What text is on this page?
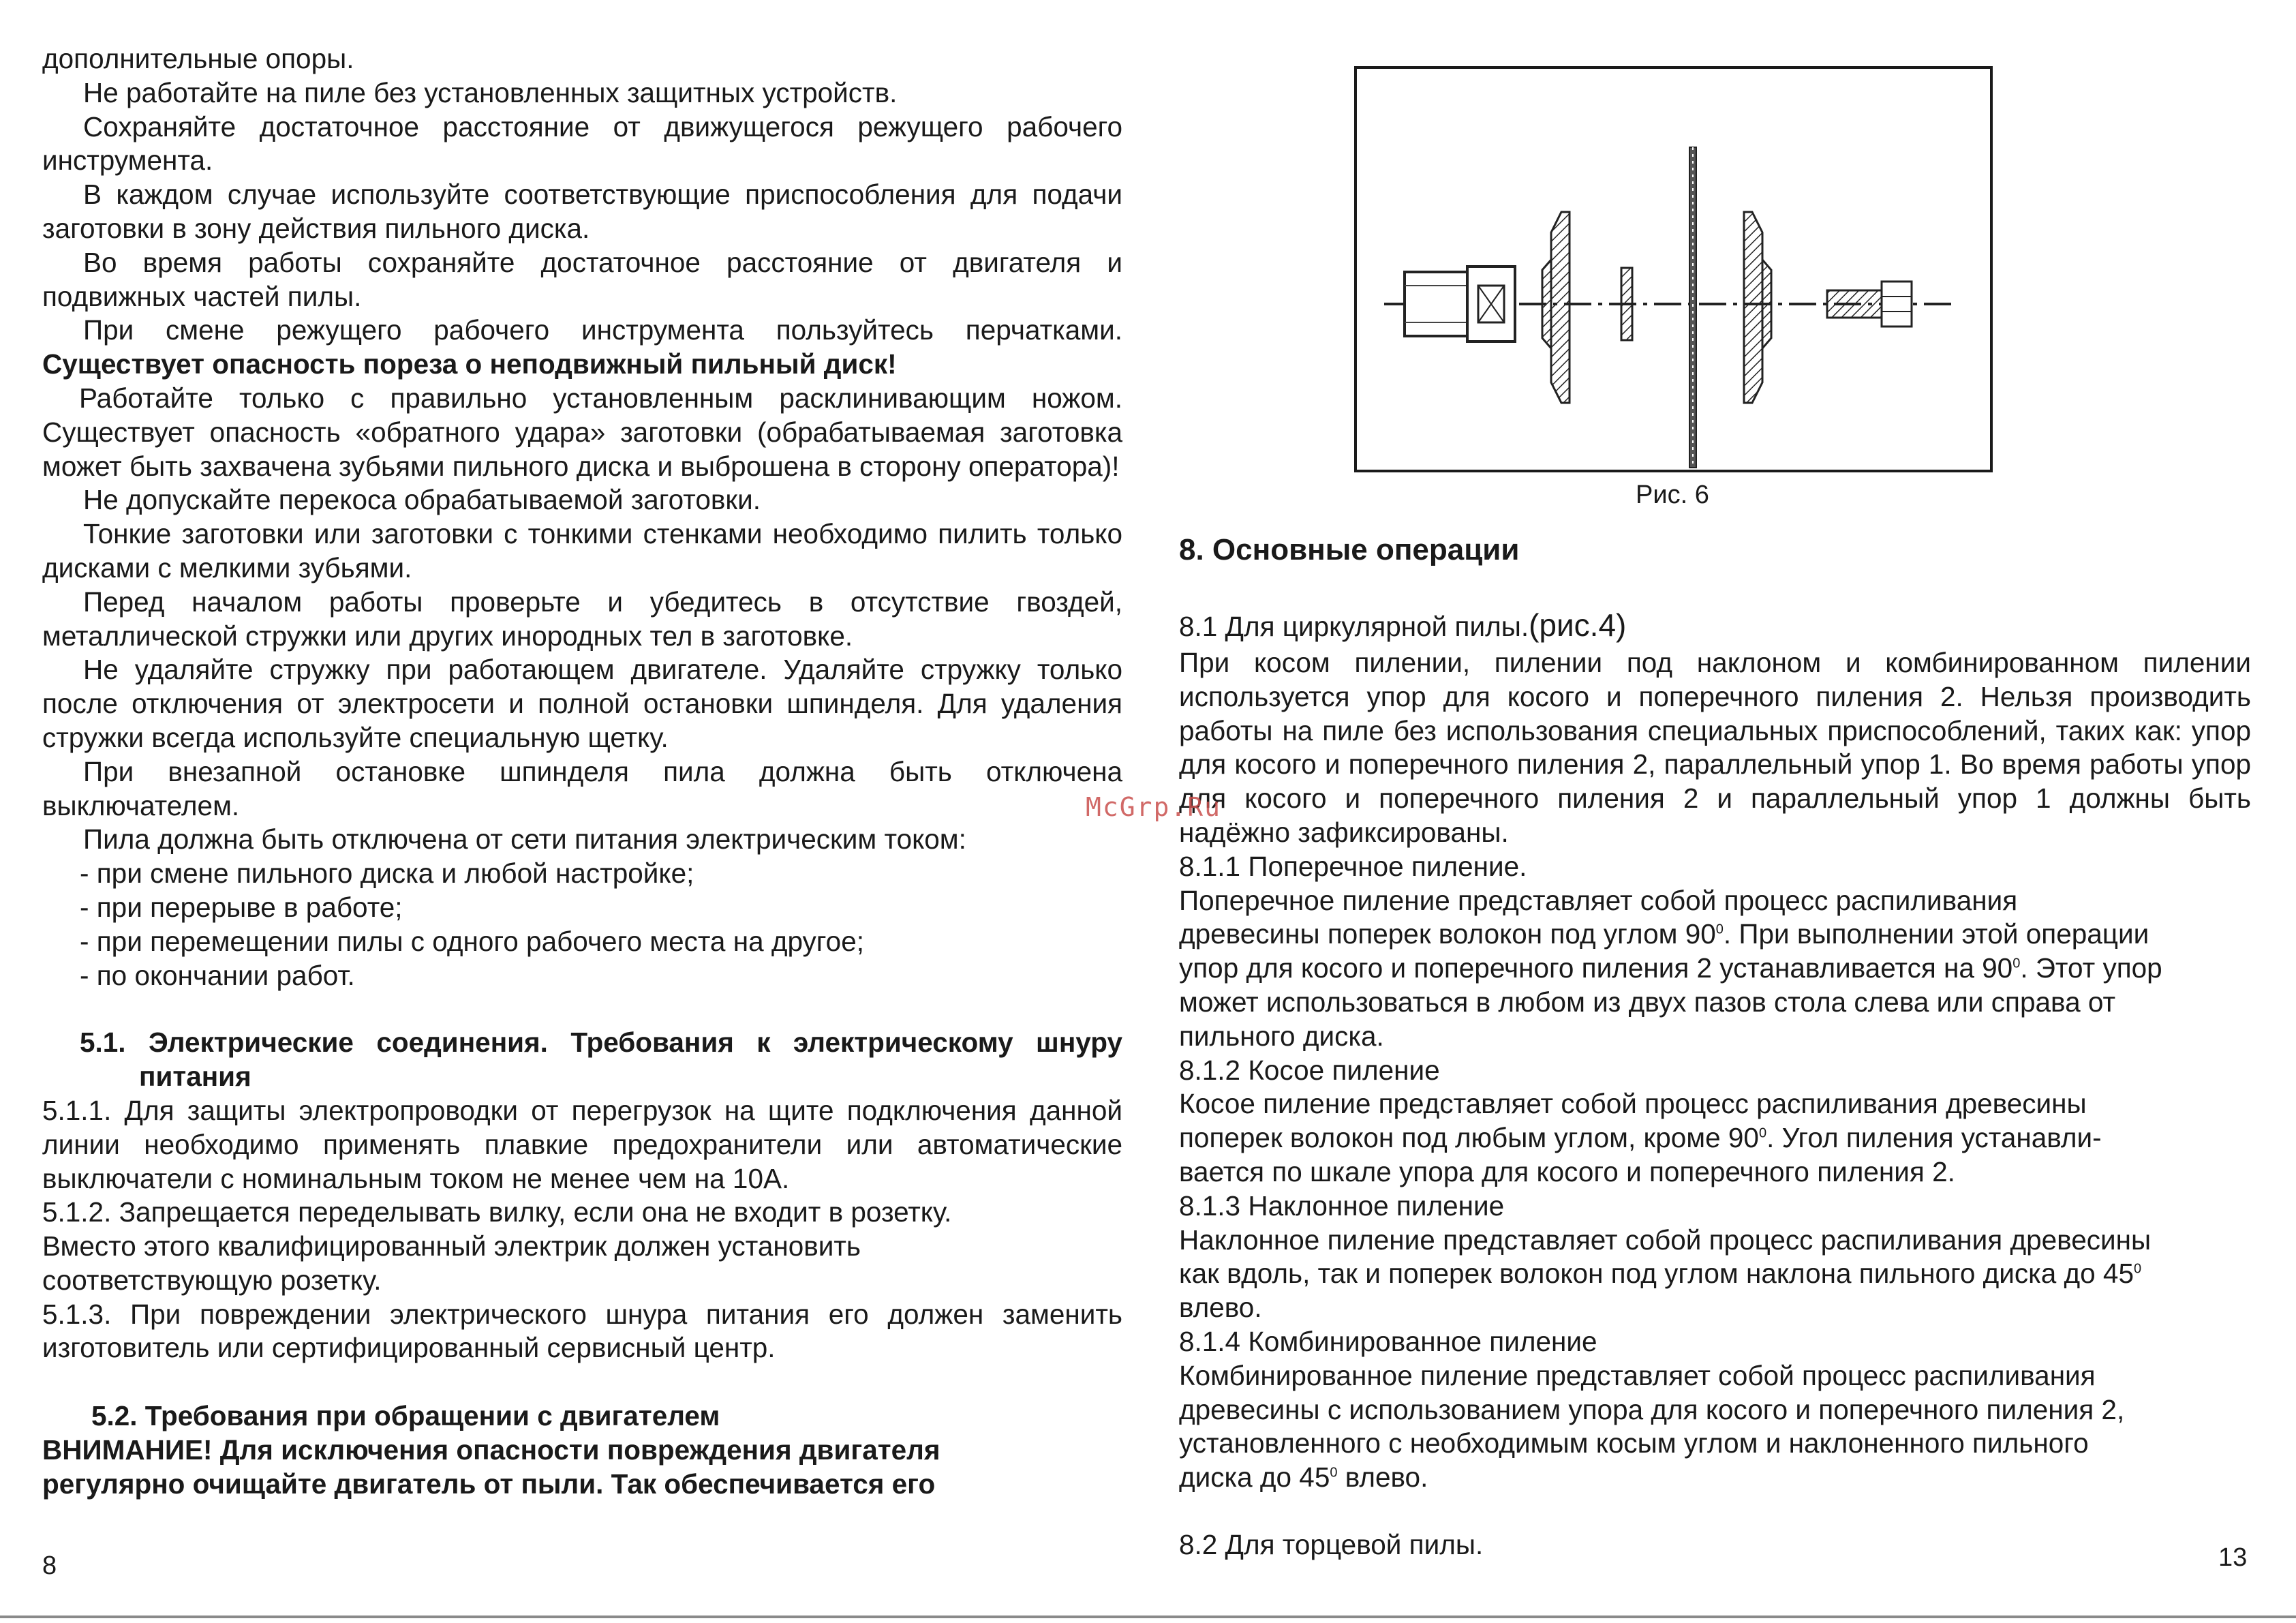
дополнительные опоры.

Не работайте на пиле без установленных защитных устройств.

Сохраняйте достаточное расстояние от движущегося режущего рабочего инструмента.

В каждом случае используйте соответствующие приспособления для подачи заготовки в зону действия пильного диска.

Во время работы сохраняйте достаточное расстояние от двигателя и подвижных частей пилы.

При смене режущего рабочего инструмента пользуйтесь перчатками.

Существует опасность пореза о неподвижный пильный диск!

Работайте только с правильно установленным расклинивающим ножом. Существует опасность «обратного удара» заготовки (обрабатываемая заготовка может быть захвачена зубьями пильного диска и выброшена в сторону оператора)!

Не допускайте перекоса обрабатываемой заготовки.

Тонкие заготовки или заготовки с тонкими стенками необходимо пилить только дисками с мелкими зубьями.

Перед началом работы проверьте и убедитесь в отсутствие гвоздей, металлической стружки или других инородных тел в заготовке.

Не удаляйте стружку при работающем двигателе. Удаляйте стружку только после отключения от электросети и полной остановки шпинделя. Для удаления стружки всегда используйте специальную щетку.

При внезапной остановке шпинделя пила должна быть отключена выключателем.

Пила должна быть отключена от сети питания электрическим током:

- при смене пильного диска и любой настройке;

- при перерыве в работе;

- при перемещении пилы с одного рабочего места на другое;

- по окончании работ.

5.1. Электрические соединения. Требования к электрическому шнуру
питания

5.1.1. Для защиты электропроводки от перегрузок на щите подключения данной линии необходимо применять плавкие предохранители или автоматические выключатели с номинальным током не менее чем на 10А.

5.1.2. Запрещается переделывать вилку, если она не входит в розетку. Вместо этого квалифицированный электрик должен установить соответствующую розетку.

5.1.3. При повреждении электрического шнура питания его должен заменить изготовитель или сертифицированный сервисный центр.

5.2. Требования при обращении с двигателем

ВНИМАНИЕ! Для исключения опасности повреждения двигателя регулярно очищайте двигатель от пыли. Так обеспечивается его

Рис. 6
8. Основные операции
8.1 Для циркулярной пилы.(рис.4)

При косом пилении, пилении под наклоном и комбинированном пилении используется упор для косого и поперечного пиления 2. Нельзя производить работы на пиле без использования специальных приспособлений, таких как: упор для косого и поперечного пиления 2, параллельный упор 1. Во время работы упор для косого и поперечного пиления 2 и параллельный упор 1 должны быть надёжно зафиксированы.

8.1.1 Поперечное пиление.

Поперечное пиление представляет собой процесс распиливания
древесины поперек волокон под углом $90^0$. При выполнении этой операции
упор для косого и поперечного пиления 2 устанавливается на $90^0$. Этот упор
может использоваться в любом из двух пазов стола слева или справа от
пильного диска.

8.1.2 Косое пиление

Косое пиление представляет собой процесс распиливания древесины
поперек волокон под любым углом, кроме $90^0$. Угол пиления устанавли-
вается по шкале упора для косого и поперечного пиления 2.

8.1.3 Наклонное пиление

Наклонное пиление представляет собой процесс распиливания древесины
как вдоль, так и поперек волокон под углом наклона пильного диска до $45^0$
влево.

8.1.4 Комбинированное пиление

Комбинированное пиление представляет собой процесс распиливания
древесины с использованием упора для косого и поперечного пиления 2,
установленного с необходимым косым углом и наклоненного пильного
диска до $45^0$ влево.

8.2 Для торцевой пилы.

McGrp.Ru
8	13
